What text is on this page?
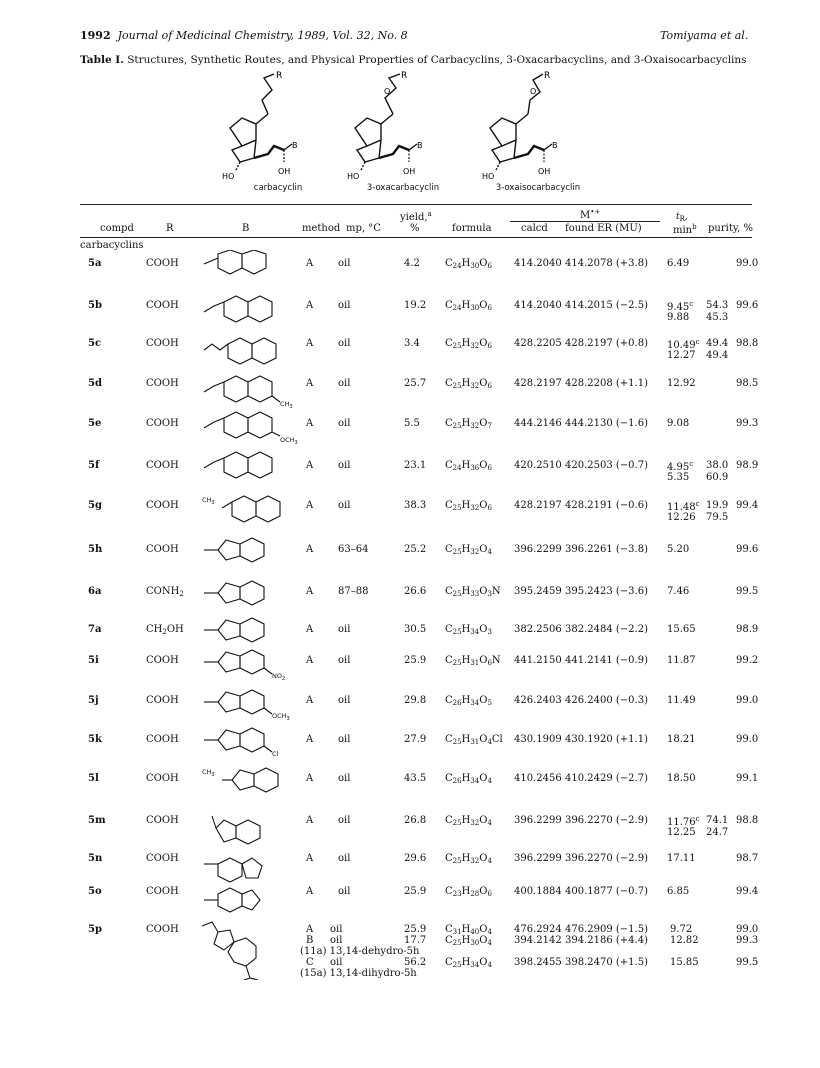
1992 Journal of Medicinal Chemistry, 1989, Vol. 32, No. 8	Tomiyama et al.
Table I. Structures, Synthetic Routes, and Physical Properties of Carbacyclins, 3-Oxacarbacyclins, and 3-Oxaisocarbacyclins
R
B
HO
OH
O
R
B
HO
OH
O
R
B
HO
OH
carbacyclin	3-oxacarbacyclin	3-oxaisocarbacyclin
compd	R	B	method mp, °C
yield,$^a$
%	formula
M•+
calcd found ER (MU)
$t_R$,
$\min^b$ purity, %
carbacyclins
5a	COOH	A oil	4.2	$C_{24}H_{30}O_6$ 414.2040 414.2078 (+3.8) 6.49	99.0
5b	COOH	A oil	19.2 $C_{24}H_{30}O_6$ 414.2040 414.2015 (−2.5) 9.45$^c$ 54.3 99.6
9.88 45.3
5c	COOH	A oil	3.4	$C_{25}H_{32}O_6$ 428.2205 428.2197 (+0.8) 10.49$^c$ 49.4 98.8
12.27 49.4
5d	COOH	A oil	25.7 $C_{25}H_{32}O_6$ 428.2197 428.2208 (+1.1) 12.92	98.5
5e	COOH	A oil	5.5	$C_{25}H_{32}O_7$ 444.2146 444.2130 (−1.6) 9.08	99.3
5f	COOH	A oil	23.1 $C_{24}H_{36}O_6$ 420.2510 420.2503 (−0.7) 4.95$^c$ 38.0 98.9
5.35 60.9
5g	COOH	A oil	38.3 $C_{25}H_{32}O_6$ 428.2197 428.2191 (−0.6) 11.48$^c$ 19.9 99.4
12.26 79.5
5h	COOH	A 63–64	25.2 $C_{25}H_{32}O_4$ 396.2299 396.2261 (−3.8) 5.20	99.6
6a	$CONH_2$	A 87–88	26.6 $C_{25}H_{33}O_3N$ 395.2459 395.2423 (−3.6) 7.46	99.5
7a	$CH_2OH$	A oil	30.5 $C_{25}H_{34}O_3$ 382.2506 382.2484 (−2.2) 15.65	98.9
5i	COOH	A oil	25.9 $C_{25}H_{31}O_6N$ 441.2150 441.2141 (−0.9) 11.87	99.2
5j	COOH	A oil	29.8 $C_{26}H_{34}O_5$ 426.2403 426.2400 (−0.3) 11.49	99.0
5k	COOH	A oil	27.9 $C_{25}H_{31}O_4Cl$ 430.1909 430.1920 (+1.1) 18.21	99.0
5l	COOH	A oil	43.5 $C_{26}H_{34}O_4$ 410.2456 410.2429 (−2.7) 18.50	99.1
5m	COOH	A oil	26.8 $C_{25}H_{32}O_4$ 396.2299 396.2270 (−2.9) 11.76$^c$ 74.1 98.8
12.25 24.7
5n	COOH	A oil	29.6 $C_{25}H_{32}O_4$ 396.2299 396.2270 (−2.9) 17.11	98.7
5o	COOH	A oil	25.9 $C_{23}H_{28}O_6$ 400.1884 400.1877 (−0.7) 6.85	99.4
5p	COOH	A oil	25.9 $C_{31}H_{40}O_4$ 476.2924 476.2909 (−1.5) 9.72	99.0
B oil	17.7 $C_{25}H_{30}O_4$ 394.2142 394.2186 (+4.4) 12.82	99.3
C oil	56.2 $C_{25}H_{34}O_4$ 398.2455 398.2470 (+1.5) 15.85	99.5
(11a) 13,14-dehydro-5h
(15a) 13,14-dihydro-5h
$CH_3$
$OCH_3$
$CH_3$
$NO_2$
$OCH_3$
Cl
$CH_3$
